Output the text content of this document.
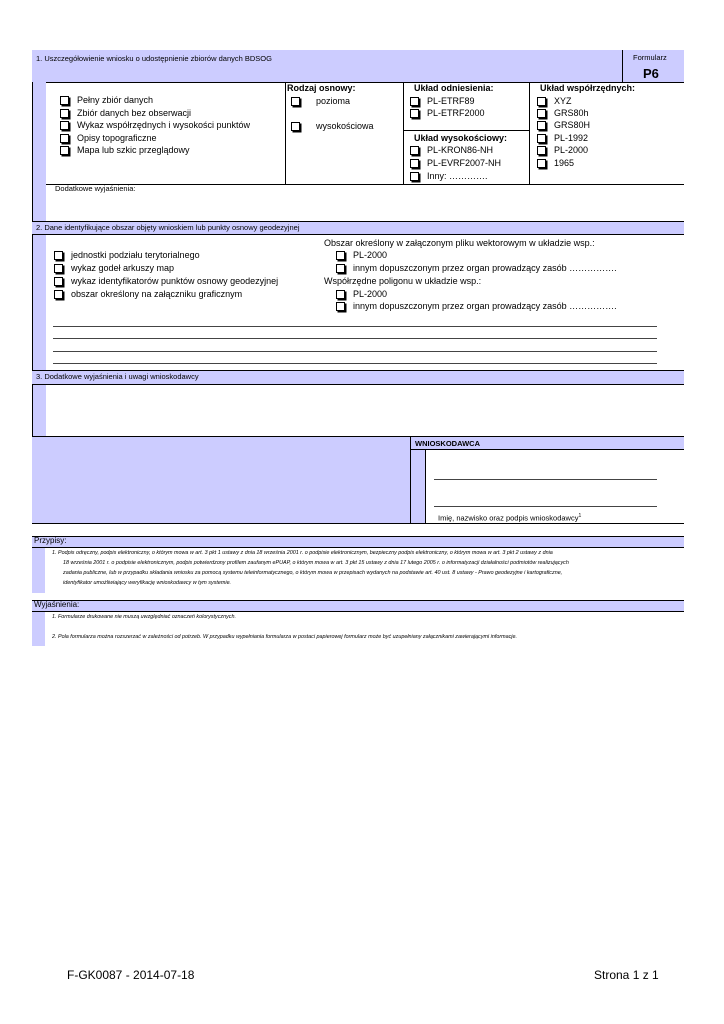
1. Uszczegółowienie wniosku o udostępnienie zbiorów danych BDSOG	Formularz
P6
Pełny zbiór danych
Zbiór danych bez obserwacji
Wykaz współrzędnych i wysokości punktów
Opisy topograficzne
Mapa lub szkic przeglądowy
Rodzaj osnowy:
pozioma
wysokościowa
Układ odniesienia:
PL-ETRF89
PL-ETRF2000
Układ wysokościowy:
PL-KRON86-NH
PL-EVRF2007-NH
Inny: ………….
Układ współrzędnych:
XYZ
GRS80h
GRS80H
PL-1992
PL-2000
1965
Dodatkowe wyjaśnienia:
2. Dane identyfikujące obszar objęty wnioskiem lub punkty osnowy geodezyjnej
jednostki podziału terytorialnego
wykaz godeł arkuszy map
wykaz identyfikatorów punktów osnowy geodezyjnej
obszar określony na załączniku graficznym
Obszar określony w załączonym pliku wektorowym w układzie wsp.:
PL-2000
innym dopuszczonym przez organ prowadzący zasób …………….
Współrzędne poligonu w układzie wsp.:
PL-2000
innym dopuszczonym przez organ prowadzący zasób …………….
3. Dodatkowe wyjaśnienia i uwagi wnioskodawcy
WNIOSKODAWCA
Imię, nazwisko oraz podpis wnioskodawcy$^1$
Przypisy:
1. Podpis odręczny, podpis elektroniczny, o którym mowa w art. 3 pkt 1 ustawy z dnia 18 września 2001 r. o podpisie elektronicznym, bezpieczny podpis elektroniczny, o którym mowa w art. 3 pkt 2 ustawy z dnia
18 września 2001 r. o podpisie elektronicznym, podpis potwierdzony profilem zaufanym ePUAP, o którym mowa w art. 3 pkt 15 ustawy z dnia 17 lutego 2005 r. o informatyzacji działalności podmiotów realizujących
zadania publiczne, lub w przypadku składania wniosku za pomocą systemu teleinformatycznego, o którym mowa w przepisach wydanych na podstawie art. 40 ust. 8 ustawy - Prawo geodezyjne i kartograficzne,
identyfikator umożliwiający weryfikację wnioskodawcy w tym systemie.
Wyjaśnienia:
1. Formularze drukowane nie muszą uwzględniać oznaczeń kolorystycznych.
2. Pola formularza można rozszerzać w zależności od potrzeb. W przypadku wypełniania formularza w postaci papierowej formularz może być uzupełniany załącznikami zawierającymi informacje.
F-GK0087 - 2014-07-18	Strona 1 z 1
